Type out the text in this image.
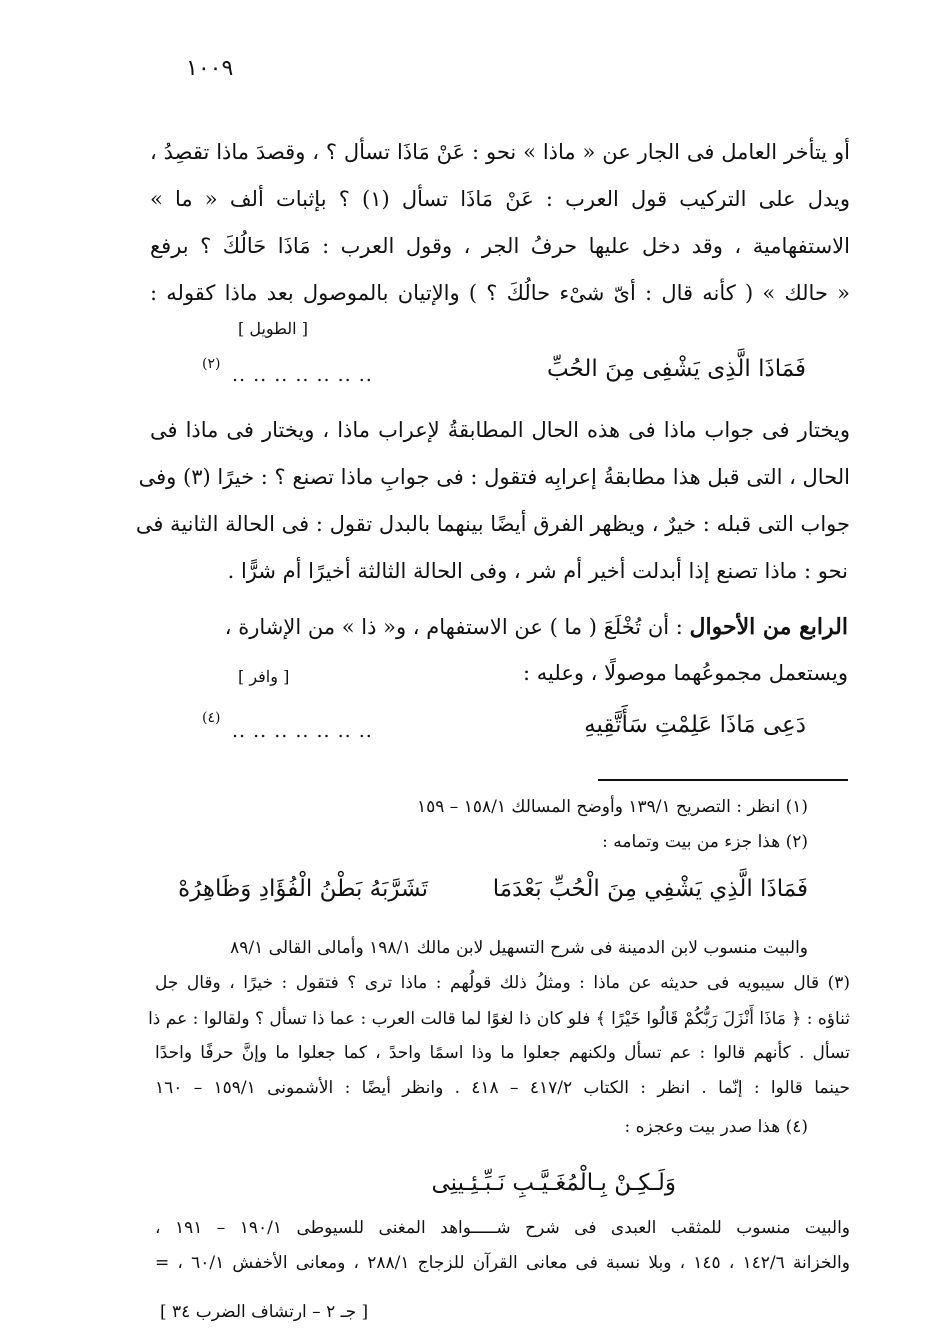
١٠٠٩
أو يتأخر العامل فى الجار عن « ماذا » نحو : عَنْ مَاذَا تسأل ؟ ، وقصدَ ماذا تقصِدُ ،
ويدل على التركيب قول العرب : عَنْ مَاذَا تسأل (١) ؟ بإثبات ألف « ما »
الاستفهامية ، وقد دخل عليها حرفُ الجر ، وقول العرب : مَاذَا حَالُكَ ؟ برفع
« حالك » ( كأنه قال : أىّ شىْء حالُكَ ؟ ) والإتيان بالموصول بعد ماذا كقوله :
[ الطويل ]
فَمَاذَا الَّذِى يَشْفِى مِنَ الحُبِّ
.. .. .. .. .. .. ..
(٢)
ويختار فى جواب ماذا فى هذه الحال المطابقةُ لإعراب ماذا ، ويختار فى ماذا فى
الحال ، التى قبل هذا مطابقةُ إعرابِه فتقول : فى جوابِ ماذا تصنع ؟ : خيرًا (٣) وفى
جواب التى قبله : خيرٌ ، ويظهر الفرق أيضًا بينهما بالبدل تقول : فى الحالة الثانية فى
نحو : ماذا تصنع إذا أبدلت أخير أم شر ، وفى الحالة الثالثة أخيرًا أم شرًّا .
الرابع من الأحوال : أن تُخْلَعَ ( ما ) عن الاستفهام ، و« ذا » من الإشارة ،
ويستعمل مجموعُهما موصولًا ، وعليه :
[ وافر ]
دَعِى مَاذَا عَلِمْتِ سَأَتَّقِيهِ
.. .. .. .. .. .. ..
(٤)
(١) انظر : التصريح ١٣٩/١ وأوضح المسالك ١٥٨/١ – ١٥٩
(٢) هذا جزء من بيت وتمامه :
فَمَاذَا الَّذِي يَشْفِي مِنَ الْحُبِّ بَعْدَمَا
تَشَرَّبَهُ بَطْنُ الْفُؤَادِ وَظَاهِرُهْ
والبيت منسوب لابن الدمينة فى شرح التسهيل لابن مالك ١٩٨/١ وأمالى القالى ٨٩/١
(٣) قال سيبويه فى حديثه عن ماذا : ومثلُ ذلك قولُهم : ماذا ترى ؟ فتقول : خيرًا ، وقال جل
ثناؤه : ﴿ مَاذَا أَنْزَلَ رَبُّكُمْ قَالُوا خَيْرًا ﴾ فلو كان ذا لغوًا لما قالت العرب : عما ذا تسأل ؟ ولقالوا : عم ذا
تسأل . كأنهم قالوا : عم تسأل ولكنهم جعلوا ما وذا اسمًا واحدً ، كما جعلوا ما وإنَّ حرفًا واحدًا
حينما قالوا : إنّما . انظر : الكتاب ٤١٧/٢ – ٤١٨ . وانظر أيضًا : الأشمونى ١٥٩/١ – ١٦٠
(٤) هذا صدر بيت وعجزه :
وَلَـكِـنْ بِـالْمُغَـيَّـبِ نَـبِّـئِـينِى
والبيت منسوب للمثقب العبدى فى شرح شـــــواهد المغنى للسيوطى ١٩٠/١ – ١٩١ ،
والخزانة ١٤٢/٦ ، ١٤٥ ، وبلا نسبة فى معانى القرآن للزجاج ٢٨٨/١ ، ومعانى الأخفش ٦٠/١ ، =
[ جـ ٢ – ارتشاف الضرب ٣٤ ]
